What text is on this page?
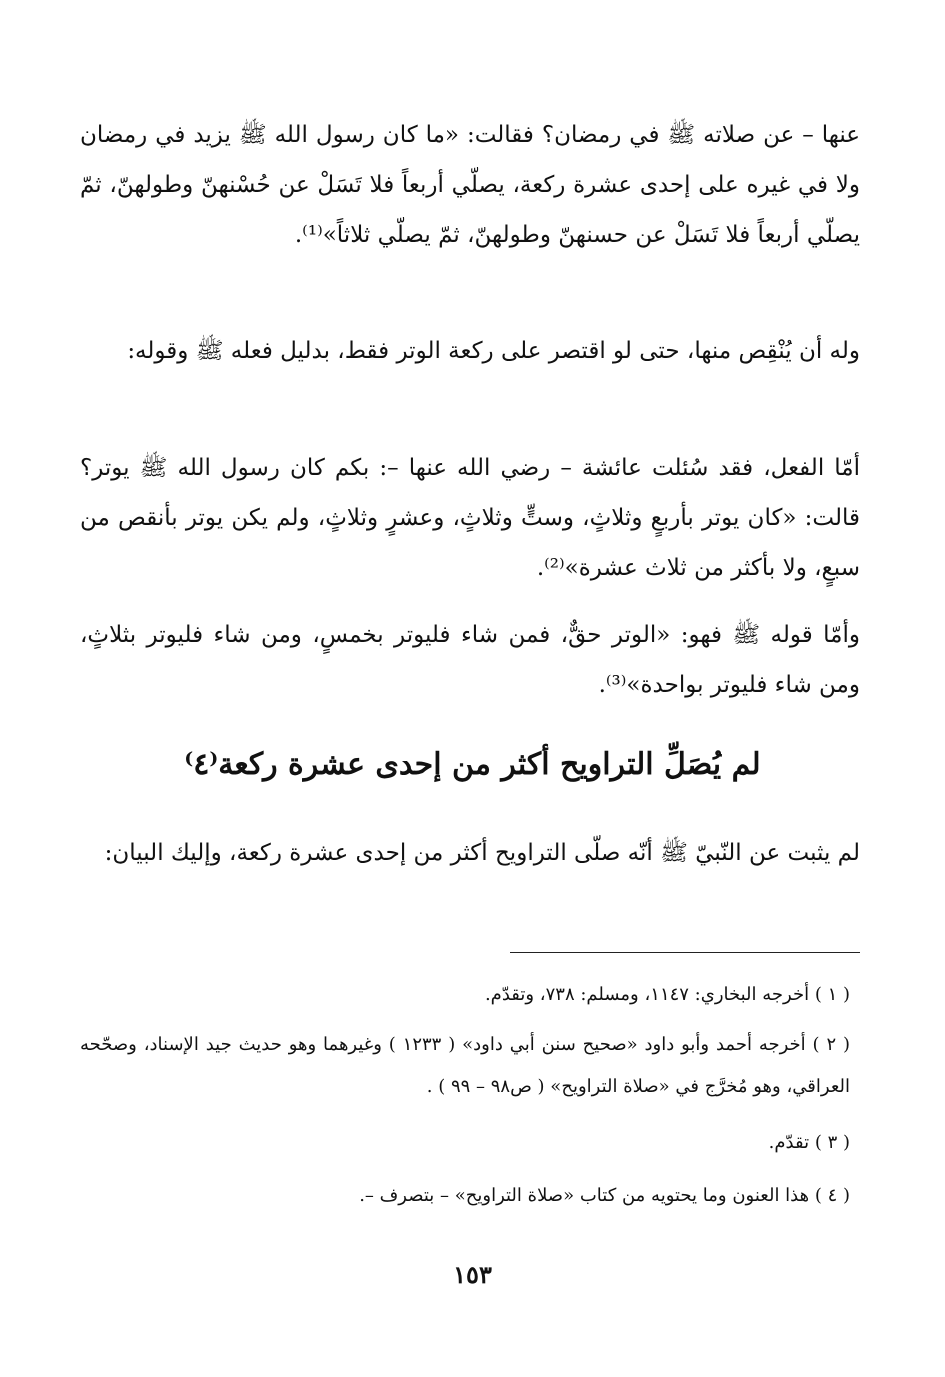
عنها – عن صلاته ﷺ في رمضان؟ فقالت: «ما كان رسول الله ﷺ يزيد في رمضان ولا في غيره على إحدى عشرة ركعة، يصلّي أربعاً فلا تَسَلْ عن حُسْنهنّ وطولهنّ، ثمّ يصلّي أربعاً فلا تَسَلْ عن حسنهنّ وطولهنّ، ثمّ يصلّي ثلاثاً»⁽¹⁾.

وله أن يُنْقِص منها، حتى لو اقتصر على ركعة الوتر فقط، بدليل فعله ﷺ وقوله:

أمّا الفعل، فقد سُئلت عائشة – رضي الله عنها –: بكم كان رسول الله ﷺ يوتر؟ قالت: «كان يوتر بأربعٍ وثلاثٍ، وستٍّ وثلاثٍ، وعشرٍ وثلاثٍ، ولم يكن يوتر بأنقص من سبعٍ، ولا بأكثر من ثلاث عشرة»⁽²⁾.

وأمّا قوله ﷺ فهو: «الوتر حقٌّ، فمن شاء فليوتر بخمسٍ، ومن شاء فليوتر بثلاثٍ، ومن شاء فليوتر بواحدة»⁽³⁾.

لم يُصَلِّ التراويح أكثر من إحدى عشرة ركعة⁽٤⁾

لم يثبت عن النّبيّ ﷺ أنّه صلّى التراويح أكثر من إحدى عشرة ركعة، وإليك البيان:

( ١ ) أخرجه البخاري: ١١٤٧، ومسلم: ٧٣٨، وتقدّم.

( ٢ ) أخرجه أحمد وأبو داود «صحيح سنن أبي داود» ( ١٢٣٣ ) وغيرهما وهو حديث جيد الإسناد، وصحّحه العراقي، وهو مُخرَّج في «صلاة التراويح» ( ص٩٨ – ٩٩ ) .

( ٣ ) تقدّم.

( ٤ ) هذا العنون وما يحتويه من كتاب «صلاة التراويح» – بتصرف –.

١٥٣
